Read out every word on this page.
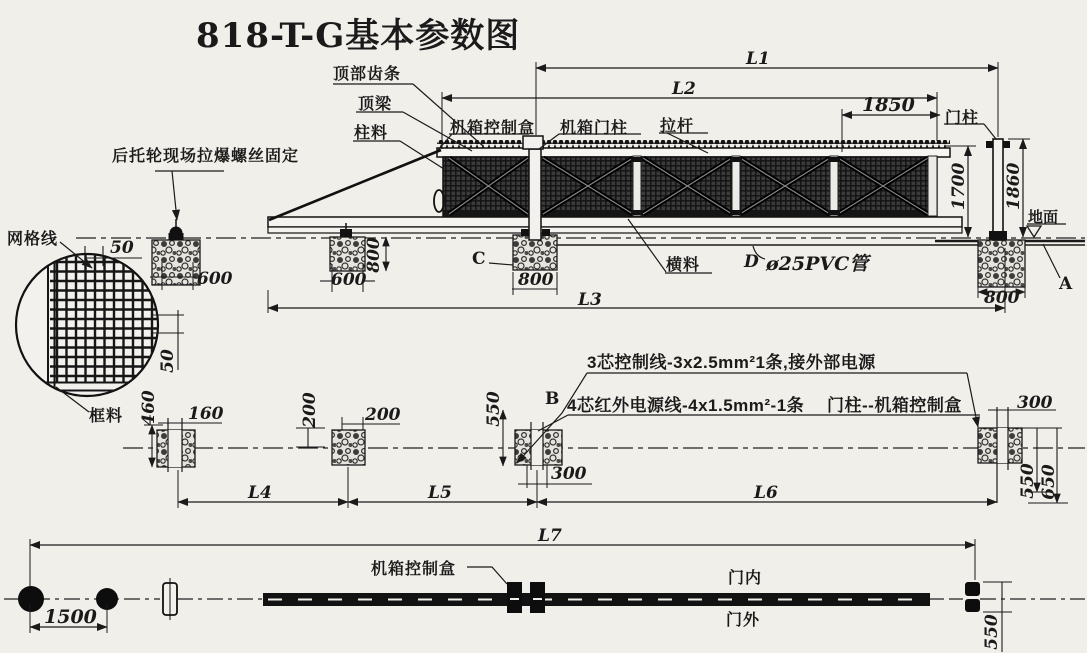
818-T-G基本参数图
顶部齿条
顶梁
柱料	机箱控制盒 机箱门柱 拉杆	门柱
后托轮现场拉爆螺丝固定
横料	D ø25PVC管
地面
A
C
L1
L2
1850
1700 1860
600	600
800
800
800
L3
网格线
框料
50
50
460 160	200	200	550 B
3芯控制线-3x2.5mm²1条,接外部电源
4芯红外电源线-4x1.5mm²-1条 门柱--机箱控制盒
300
300
550 650
L4	L5	L6
L7
1500
机箱控制盒
门内
门外	550
